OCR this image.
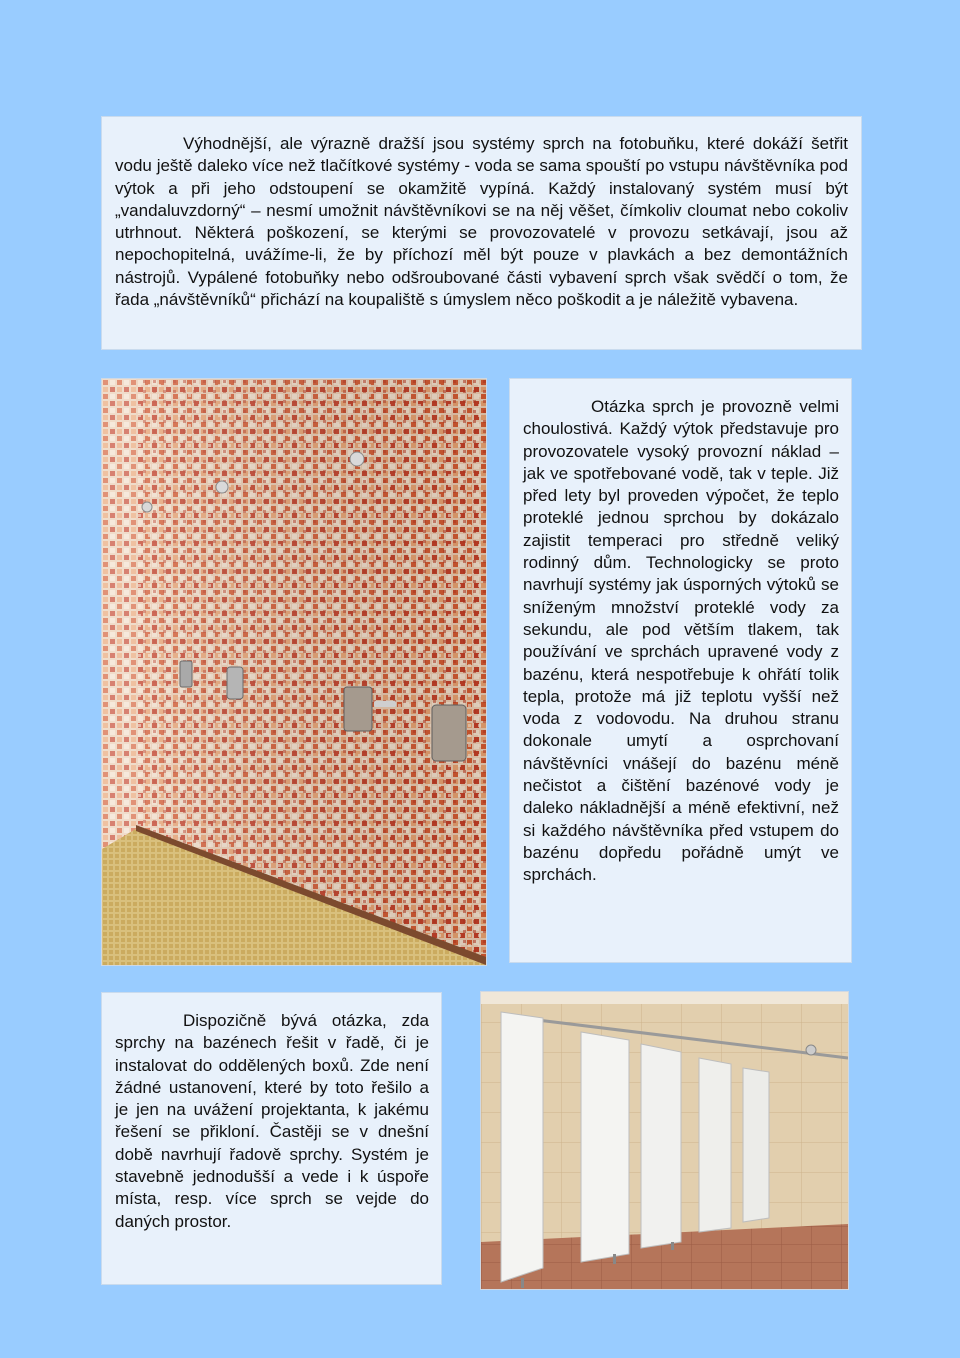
Výhodnější, ale výrazně dražší jsou systémy sprch na fotobuňku, které dokáží šetřit vodu ještě daleko více než tlačítkové systémy - voda se sama spouští po vstupu návštěvníka pod výtok a při jeho odstoupení se okamžitě vypíná. Každý instalovaný systém musí být „vandaluvzdorný“ – nesmí umožnit návštěvníkovi se na něj věšet, čímkoliv cloumat nebo cokoliv utrhnout. Některá poškození, se kterými se provozovatelé v provozu setkávají, jsou až nepochopitelná, uvážíme-li, že by příchozí měl být pouze v plavkách a bez demontážních nástrojů. Vypálené fotobuňky nebo odšroubované části vybavení sprch však svědčí o tom, že řada „návštěvníků“ přichází na koupaliště s úmyslem něco poškodit a je náležitě vybavena.

Otázka sprch je provozně velmi choulostivá. Každý výtok představuje pro provozovatele vysoký provozní náklad – jak ve spotřebované vodě, tak v teple. Již před lety byl proveden výpočet, že teplo proteklé jednou sprchou by dokázalo zajistit temperaci pro středně veliký rodinný dům. Technologicky se proto navrhují systémy jak úsporných výtoků se sníženým množství proteklé vody za sekundu, ale pod větším tlakem, tak používání ve sprchách upravené vody z bazénu, která nespotřebuje k ohřátí tolik tepla, protože má již teplotu vyšší než voda z vodovodu. Na druhou stranu dokonale umytí a osprchovaní návštěvníci vnášejí do bazénu méně nečistot a čištění bazénové vody je daleko nákladnější a méně efektivní, než si každého návštěvníka před vstupem do bazénu dopředu pořádně umýt ve sprchách.

Dispozičně bývá otázka, zda sprchy na bazénech řešit v řadě, či je instalovat do oddělených boxů. Zde není žádné ustanovení, které by toto řešilo a je jen na uvážení projektanta, k jakému řešení se přikloní. Častěji se v dnešní době navrhují řadově sprchy. Systém je stavebně jednodušší a vede i k úspoře místa, resp. více sprch se vejde do daných prostor.
